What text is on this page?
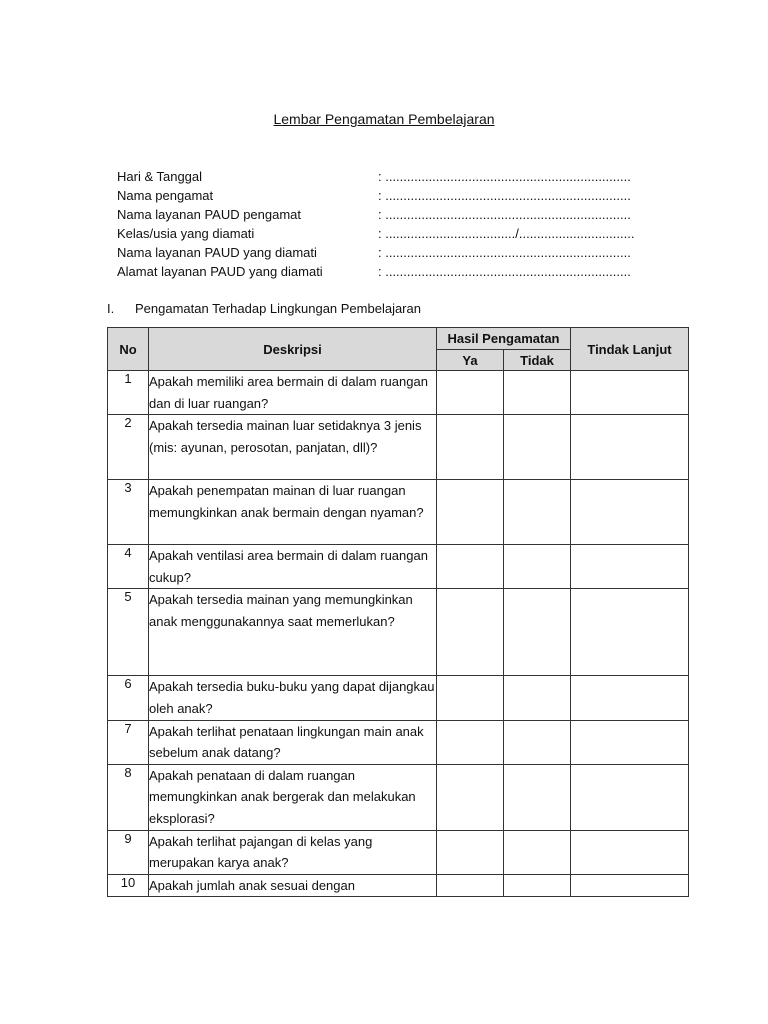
Lembar Pengamatan Pembelajaran
Hari & Tanggal	: ....................................................................
Nama pengamat	: ....................................................................
Nama layanan PAUD pengamat	: ....................................................................
Kelas/usia yang diamati	: ..................................../................................
Nama layanan PAUD yang diamati	: ....................................................................
Alamat layanan PAUD yang diamati	: ....................................................................
I.	Pengamatan Terhadap Lingkungan Pembelajaran
No	Deskripsi	Hasil Pengamatan		Tindak Lanjut
		Ya	Tidak	
1	Apakah memiliki area bermain di dalam ruangan dan di luar ruangan?			
2	Apakah tersedia mainan luar setidaknya 3 jenis (mis: ayunan, perosotan, panjatan, dll)?			
3	Apakah penempatan mainan di luar ruangan memungkinkan anak bermain dengan nyaman?			
4	Apakah ventilasi area bermain di dalam ruangan cukup?			
5	Apakah tersedia mainan yang memungkinkan anak menggunakannya saat memerlukan?			
6	Apakah tersedia buku-buku yang dapat dijangkau oleh anak?			
7	Apakah terlihat penataan lingkungan main anak sebelum anak datang?			
8	Apakah penataan di dalam ruangan memungkinkan anak bergerak dan melakukan eksplorasi?			
9	Apakah terlihat pajangan di kelas yang merupakan karya anak?			
10	Apakah jumlah anak sesuai dengan			
